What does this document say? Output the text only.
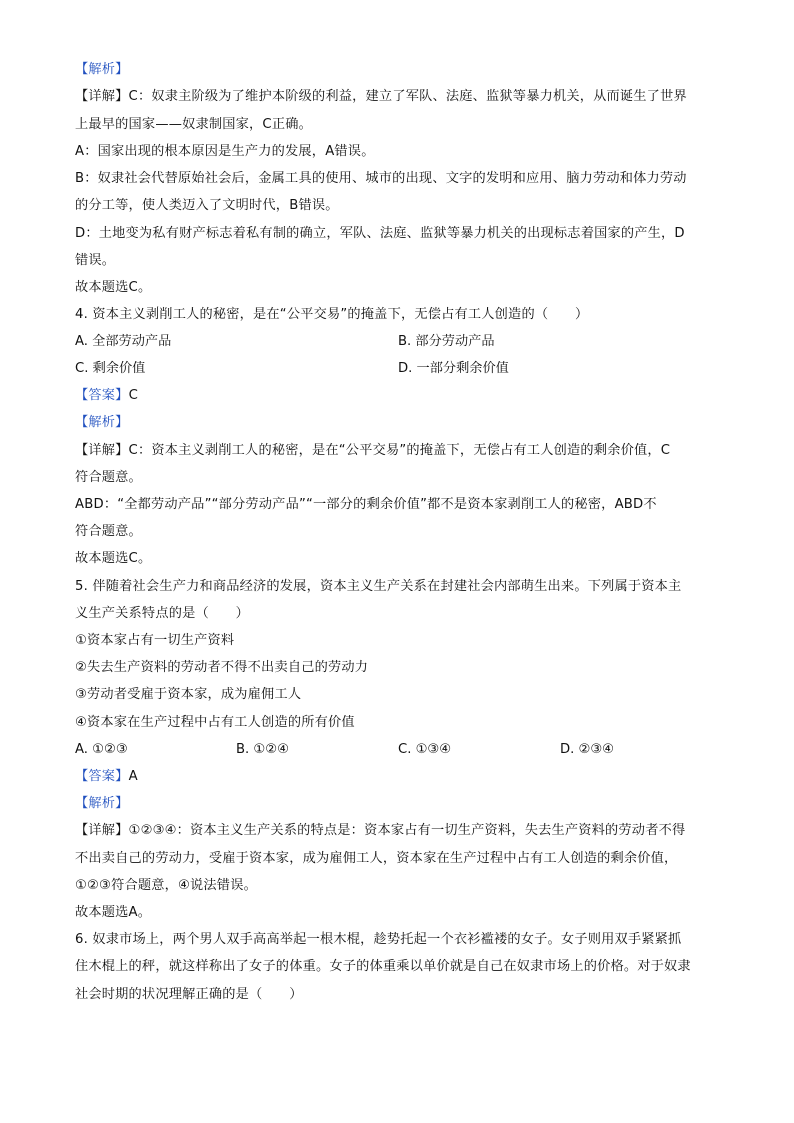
【解析】
【详解】C：奴隶主阶级为了维护本阶级的利益，建立了军队、法庭、监狱等暴力机关，从而诞生了世界
上最早的国家——奴隶制国家，C正确。
A：国家出现的根本原因是生产力的发展，A错误。
B：奴隶社会代替原始社会后，金属工具的使用、城市的出现、文字的发明和应用、脑力劳动和体力劳动
的分工等，使人类迈入了文明时代，B错误。
D：土地变为私有财产标志着私有制的确立，军队、法庭、监狱等暴力机关的出现标志着国家的产生，D
错误。
故本题选C。
4. 资本主义剥削工人的秘密，是在“公平交易”的掩盖下，无偿占有工人创造的（　　）
A. 全部劳动产品	B. 部分劳动产品
C. 剩余价值	D. 一部分剩余价值
【答案】C
【解析】
【详解】C：资本主义剥削工人的秘密，是在“公平交易”的掩盖下，无偿占有工人创造的剩余价值，C
符合题意。
ABD：“全都劳动产品”“部分劳动产品”“一部分的剩余价值”都不是资本家剥削工人的秘密，ABD不
符合题意。
故本题选C。
5. 伴随着社会生产力和商品经济的发展，资本主义生产关系在封建社会内部萌生出来。下列属于资本主
义生产关系特点的是（　　）
①资本家占有一切生产资料
②失去生产资料的劳动者不得不出卖自己的劳动力
③劳动者受雇于资本家，成为雇佣工人
④资本家在生产过程中占有工人创造的所有价值
A. ①②③	B. ①②④	C. ①③④	D. ②③④
【答案】A
【解析】
【详解】①②③④：资本主义生产关系的特点是：资本家占有一切生产资料，失去生产资料的劳动者不得
不出卖自己的劳动力，受雇于资本家，成为雇佣工人，资本家在生产过程中占有工人创造的剩余价值，
①②③符合题意，④说法错误。
故本题选A。
6. 奴隶市场上，两个男人双手高高举起一根木棍，趁势托起一个衣衫褴褛的女子。女子则用双手紧紧抓
住木棍上的秤，就这样称出了女子的体重。女子的体重乘以单价就是自己在奴隶市场上的价格。对于奴隶
社会时期的状况理解正确的是（　　）
